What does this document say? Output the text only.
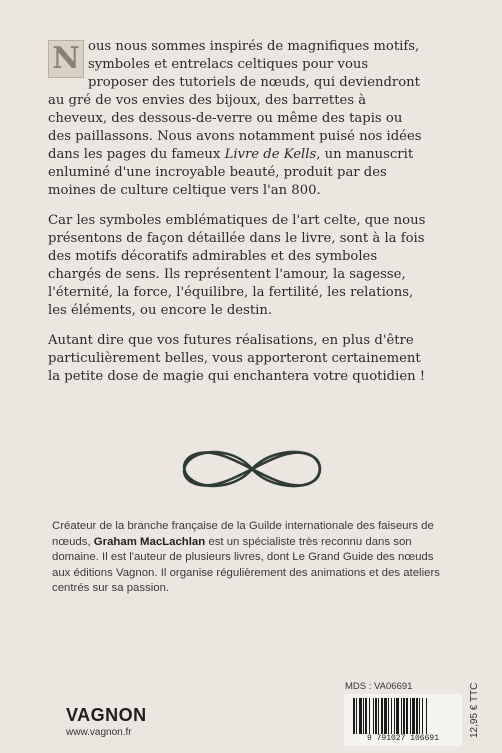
N ous nous sommes inspirés de magnifiques motifs, symboles et entrelacs celtiques pour vous proposer des tutoriels de nœuds, qui deviendront au gré de vos envies des bijoux, des barrettes à cheveux, des dessous-de-verre ou même des tapis ou des paillassons. Nous avons notamment puisé nos idées dans les pages du fameux Livre de Kells, un manuscrit enluminé d'une incroyable beauté, produit par des moines de culture celtique vers l'an 800.

Car les symboles emblématiques de l'art celte, que nous présentons de façon détaillée dans le livre, sont à la fois des motifs décoratifs admirables et des symboles chargés de sens. Ils représentent l'amour, la sagesse, l'éternité, la force, l'équilibre, la fertilité, les relations, les éléments, ou encore le destin.

Autant dire que vos futures réalisations, en plus d'être particulièrement belles, vous apporteront certainement la petite dose de magie qui enchantera votre quotidien !

Créateur de la branche française de la Guilde internationale des faiseurs de nœuds, Graham MacLachlan est un spécialiste très reconnu dans son domaine. Il est l'auteur de plusieurs livres, dont Le Grand Guide des nœuds aux éditions Vagnon. Il organise régulièrement des animations et des ateliers centrés sur sa passion.
MDS : VA06691
VAGNON
www.vagnon.fr
9 791027 106691
12,95 € TTC
